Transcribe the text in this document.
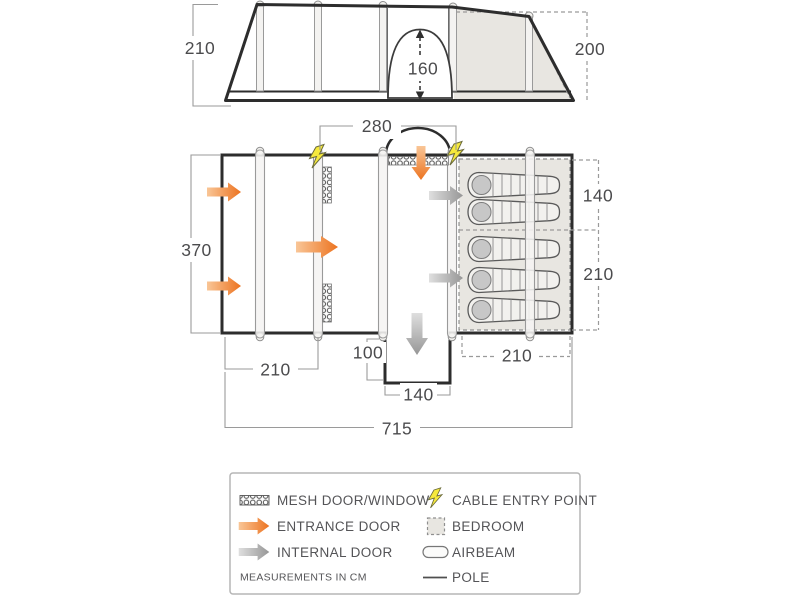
210	200
160
280
370
140
210
210
100
140
210
715
MESH DOOR/WINDOW
ENTRANCE DOOR
INTERNAL DOOR
MEASUREMENTS IN CM
CABLE ENTRY POINT
BEDROOM
AIRBEAM
POLE
